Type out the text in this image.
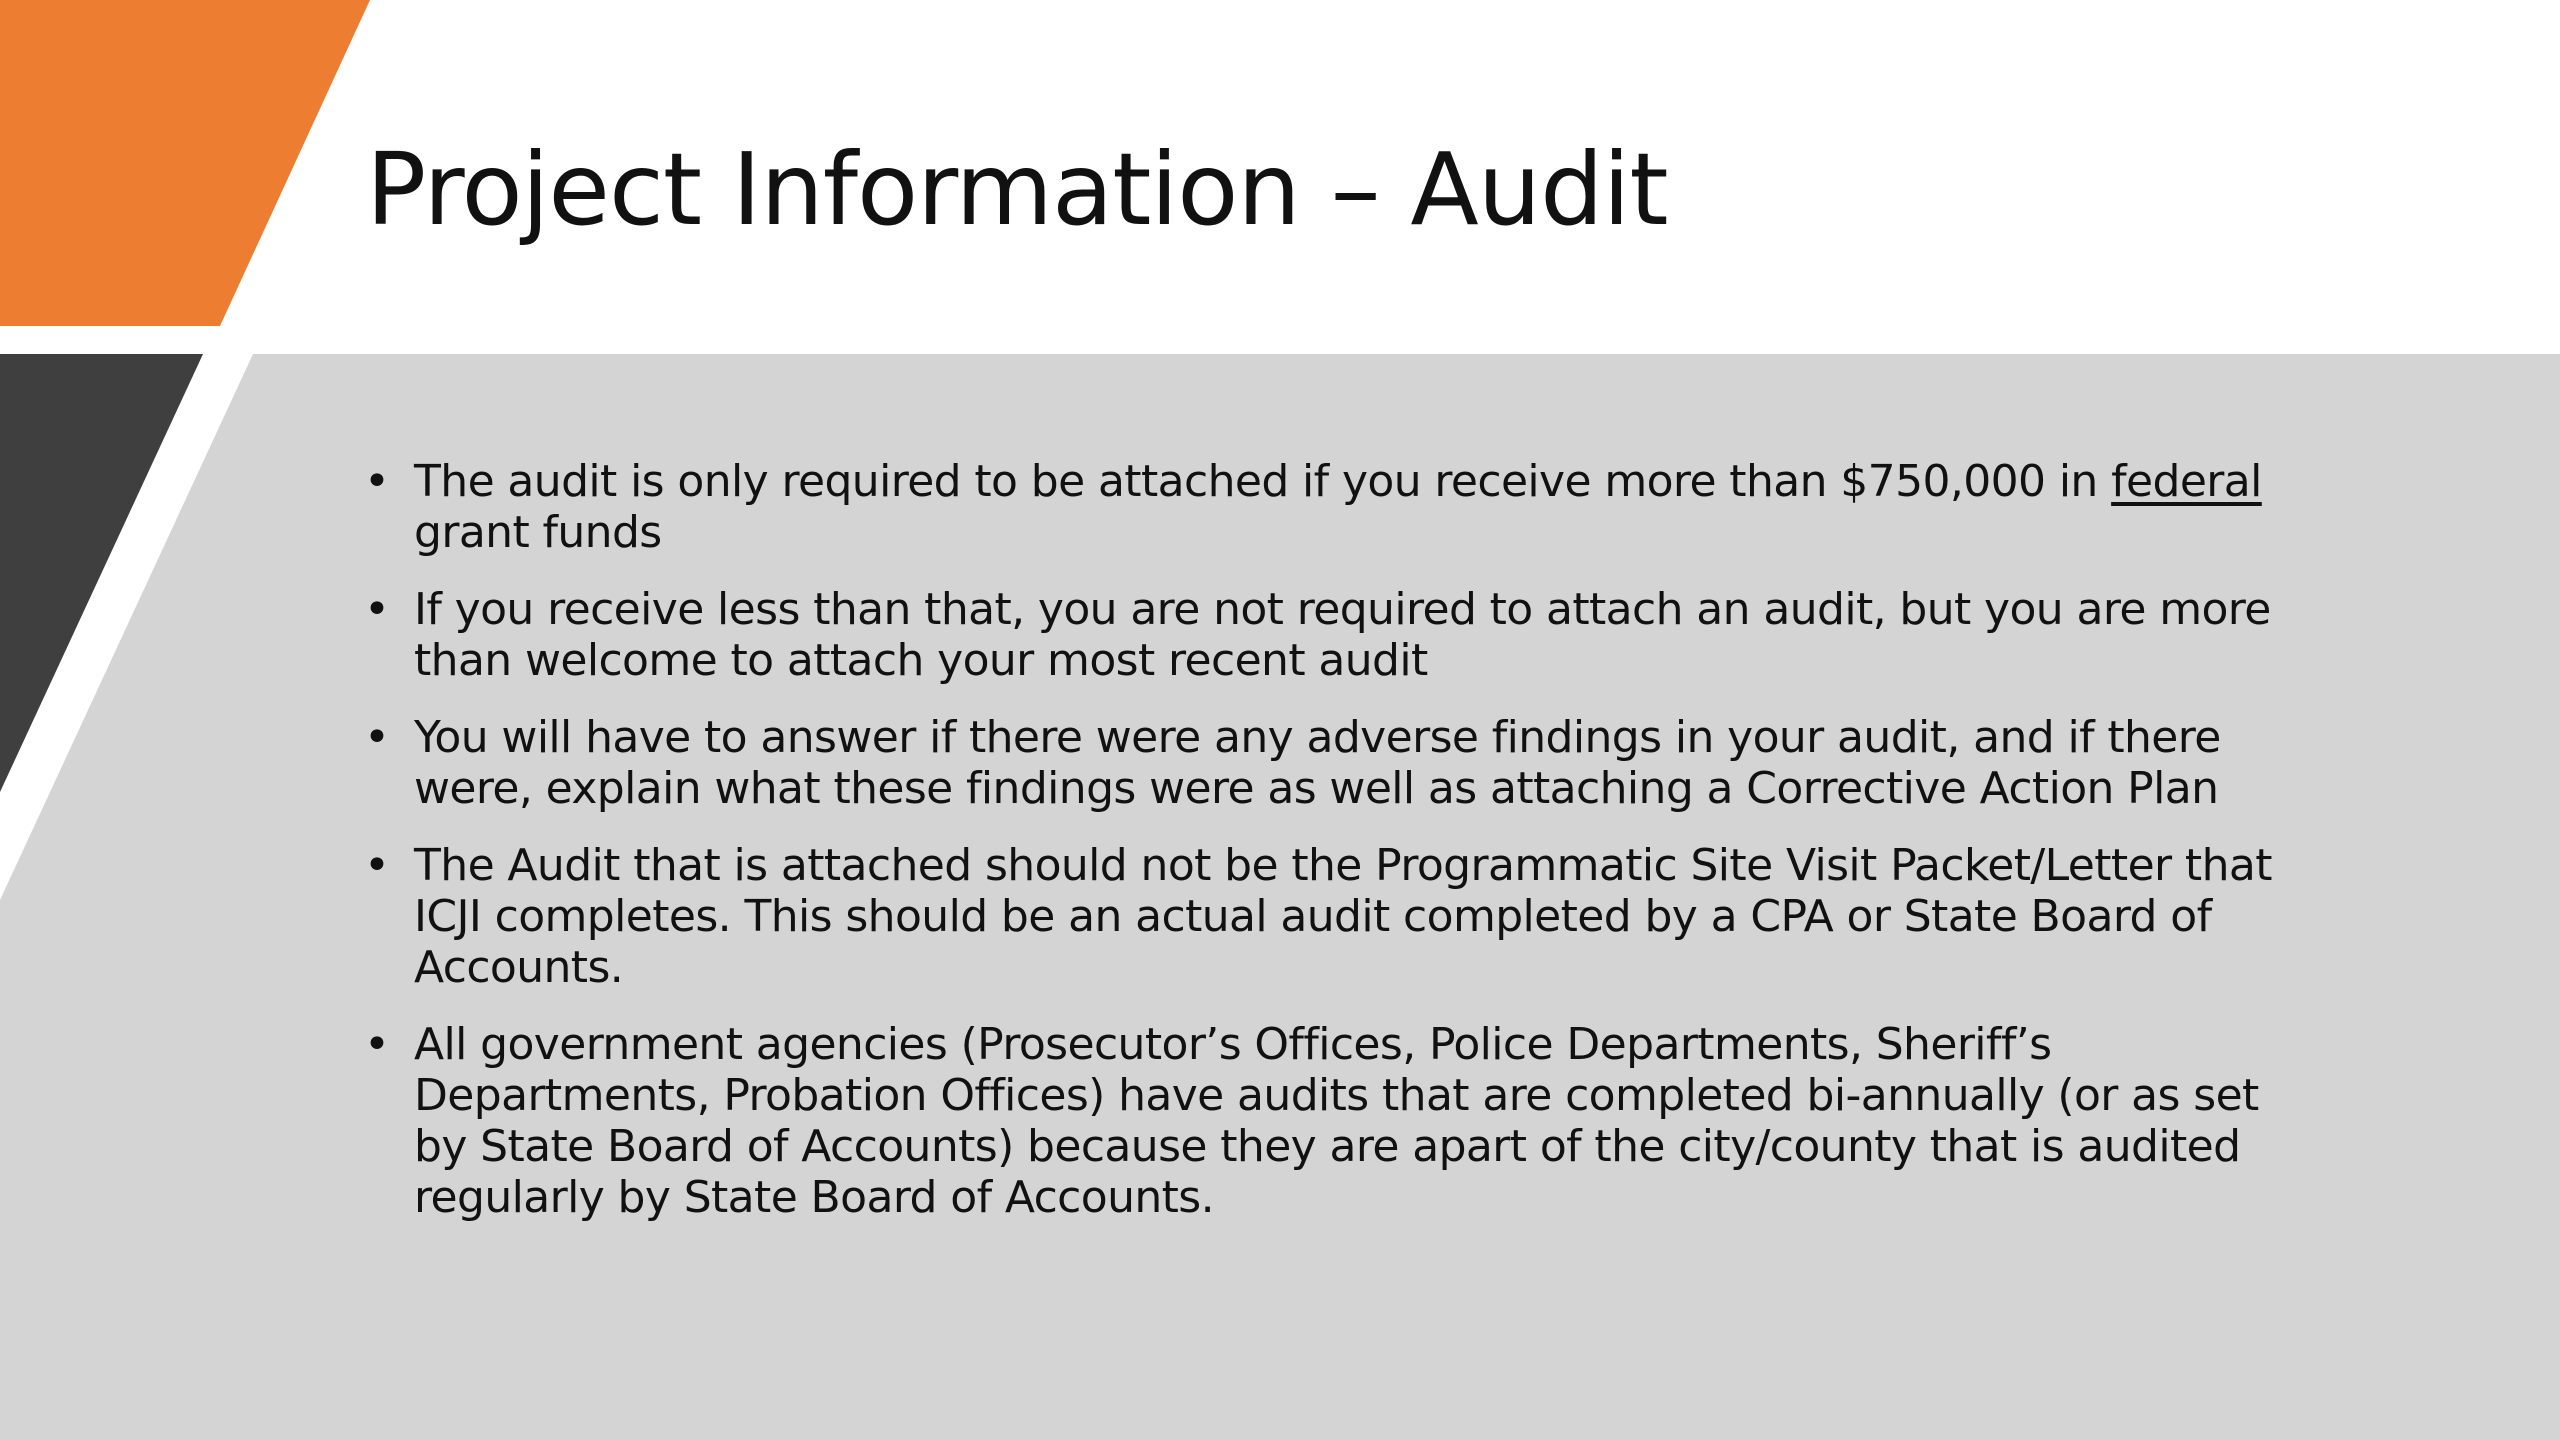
Project Information – Audit
• The audit is only required to be attached if you receive more than $750,000 in federal grant funds
• If you receive less than that, you are not required to attach an audit, but you are more than welcome to attach your most recent audit
• You will have to answer if there were any adverse findings in your audit, and if there were, explain what these findings were as well as attaching a Corrective Action Plan
• The Audit that is attached should not be the Programmatic Site Visit Packet/Letter that ICJI completes. This should be an actual audit completed by a CPA or State Board of Accounts.
• All government agencies (Prosecutor’s Offices, Police Departments, Sheriff’s Departments, Probation Offices) have audits that are completed bi-annually (or as set by State Board of Accounts) because they are apart of the city/county that is audited regularly by State Board of Accounts.
